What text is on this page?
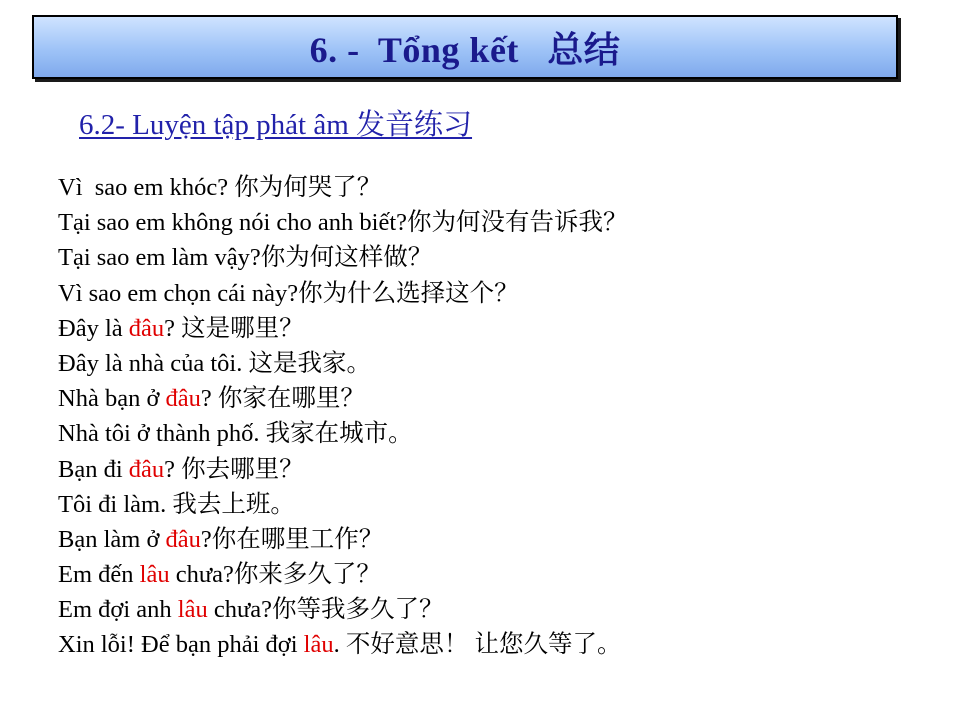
6. -  Tổng kết   总结
6.2- Luyện tập phát âm 发音练习
Vì  sao em khóc? 你为何哭了？
Tại sao em không nói cho anh biết?你为何没有告诉我？
Tại sao em làm vậy?你为何这样做？
Vì sao em chọn cái này?你为什么选择这个？
Đây là đâu? 这是哪里？
Đây là nhà của tôi. 这是我家。
Nhà bạn ở đâu? 你家在哪里？
Nhà tôi ở thành phố. 我家在城市。
Bạn đi đâu? 你去哪里？
Tôi đi làm. 我去上班。
Bạn làm ở đâu?你在哪里工作？
Em đến lâu chưa?你来多久了？
Em đợi anh lâu chưa?你等我多久了？
Xin lỗi! Để bạn phải đợi lâu. 不好意思！ 让您久等了。
